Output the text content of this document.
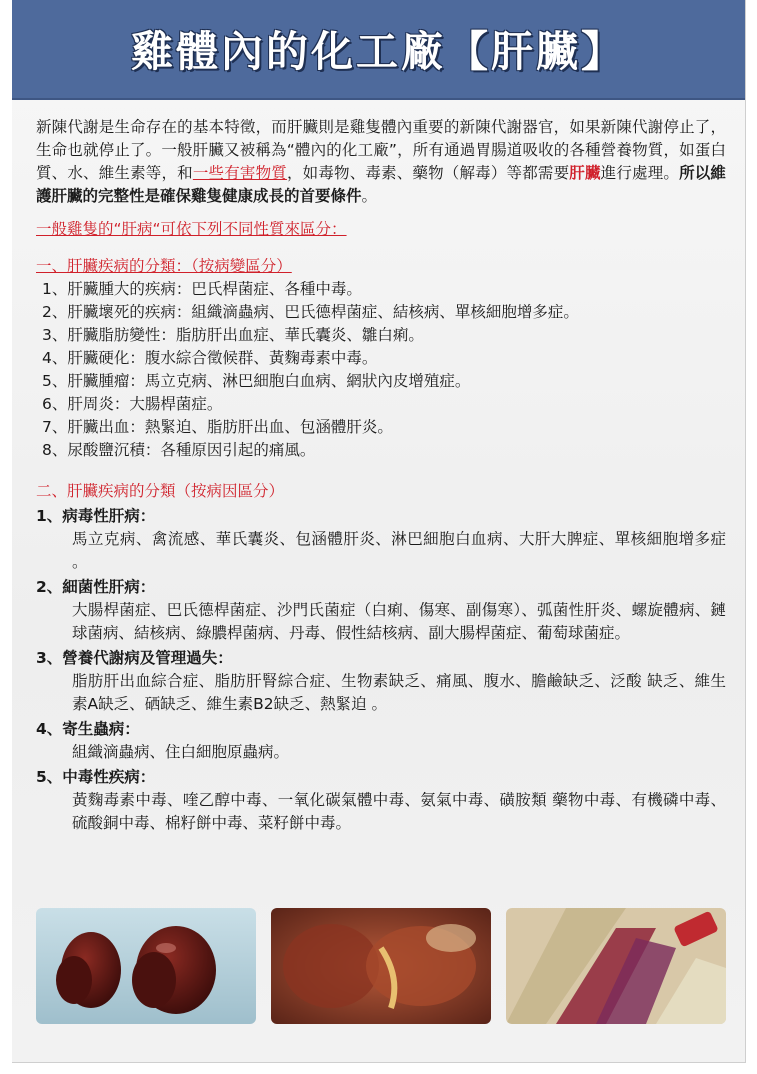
雞體內的化工廠【肝臟】

新陳代謝是生命存在的基本特徵，而肝臟則是雞隻體內重要的新陳代謝器官，如果新陳代謝停止了，生命也就停止了。一般肝臟又被稱為“體內的化工廠”，所有通過胃腸道吸收的各種營養物質，如蛋白質、水、維生素等，和一些有害物質，如毒物、毒素、藥物（解毒）等都需要肝臟進行處理。所以維護肝臟的完整性是確保雞隻健康成長的首要條件。

一般雞隻的“肝病“可依下列不同性質來區分：
一、肝臟疾病的分類：（按病變區分）
1、肝臟腫大的疾病：巴氏桿菌症、各種中毒。
2、肝臟壞死的疾病：組織滴蟲病、巴氏德桿菌症、結核病、單核細胞增多症。
3、肝臟脂肪變性：脂肪肝出血症、華氏囊炎、雛白痢。
4、肝臟硬化：腹水綜合徵候群、黃麴毒素中毒。
5、肝臟腫瘤：馬立克病、淋巴細胞白血病、網狀內皮增殖症。
6、肝周炎：大腸桿菌症。
7、肝臟出血：熱緊迫、脂肪肝出血、包涵體肝炎。
8、尿酸鹽沉積：各種原因引起的痛風。
二、肝臟疾病的分類（按病因區分）
1、病毒性肝病：
馬立克病、禽流感、華氏囊炎、包涵體肝炎、淋巴細胞白血病、大肝大脾症、單核細胞增多症 。
2、細菌性肝病：
大腸桿菌症、巴氏德桿菌症、沙門氏菌症（白痢、傷寒、副傷寒）、弧菌性肝炎、螺旋體病、鏈球菌病、結核病、綠膿桿菌病、丹毒、假性結核病、副大腸桿菌症、葡萄球菌症。
3、營養代謝病及管理過失：
脂肪肝出血綜合症、脂肪肝腎綜合症、生物素缺乏、痛風、腹水、膽鹼缺乏、泛酸 缺乏、維生素A缺乏、硒缺乏、維生素B2缺乏、熱緊迫 。
4、寄生蟲病：
組織滴蟲病、住白細胞原蟲病。
5、中毒性疾病：
黃麴毒素中毒、喹乙醇中毒、一氧化碳氣體中毒、氨氣中毒、磺胺類 藥物中毒、有機磷中毒、硫酸銅中毒、棉籽餅中毒、菜籽餅中毒。
